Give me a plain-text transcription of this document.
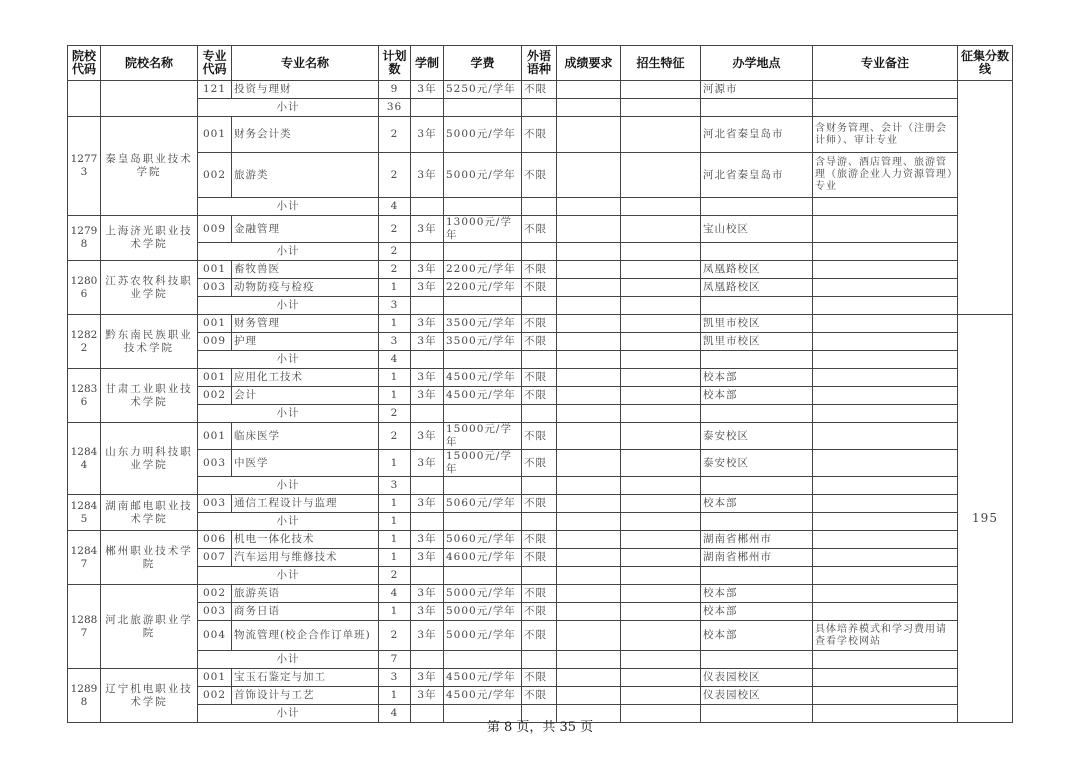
院校代码	院校名称	专业代码	专业名称	计划数	学制	学费	外语语种	成绩要求	招生特征	办学地点	专业备注	征集分数线
		121	投资与理财	9	3年	5250元/学年	不限			河源市		
		小计		36								
12773	秦皇岛职业技术学院	001	财务会计类	2	3年	5000元/学年	不限			河北省秦皇岛市	含财务管理、会计（注册会计师）、审计专业	
		002	旅游类	2	3年	5000元/学年	不限			河北省秦皇岛市	含导游、酒店管理、旅游管理（旅游企业人力资源管理）专业	
		小计		4								
12798	上海济光职业技术学院	009	金融管理	2	3年	13000元/学年	不限			宝山校区		
		小计		2								
12806	江苏农牧科技职业学院	001	畜牧兽医	2	3年	2200元/学年	不限			凤凰路校区		
		003	动物防疫与检疫	1	3年	2200元/学年	不限			凤凰路校区		
		小计		3								
12822	黔东南民族职业技术学院	001	财务管理	1	3年	3500元/学年	不限			凯里市校区		195
		009	护理	3	3年	3500元/学年	不限			凯里市校区		
		小计		4								
12836	甘肃工业职业技术学院	001	应用化工技术	1	3年	4500元/学年	不限			校本部		
		002	会计	1	3年	4500元/学年	不限			校本部		
		小计		2								
12844	山东力明科技职业学院	001	临床医学	2	3年	15000元/学年	不限			泰安校区		
		003	中医学	1	3年	15000元/学年	不限			泰安校区		
		小计		3								
12845	湖南邮电职业技术学院	003	通信工程设计与监理	1	3年	5060元/学年	不限			校本部		
		小计		1								
12847	郴州职业技术学院	006	机电一体化技术	1	3年	5060元/学年	不限			湖南省郴州市		
		007	汽车运用与维修技术	1	3年	4600元/学年	不限			湖南省郴州市		
		小计		2								
12887	河北旅游职业学院	002	旅游英语	4	3年	5000元/学年	不限			校本部		
		003	商务日语	1	3年	5000元/学年	不限			校本部		
		004	物流管理(校企合作订单班)	2	3年	5000元/学年	不限			校本部	具体培养模式和学习费用请查看学校网站	
		小计		7								
12898	辽宁机电职业技术学院	001	宝玉石鉴定与加工	3	3年	4500元/学年	不限			仪表园校区		
		002	首饰设计与工艺	1	3年	4500元/学年	不限			仪表园校区		
		小计		4								
第 8 页，共 35 页
